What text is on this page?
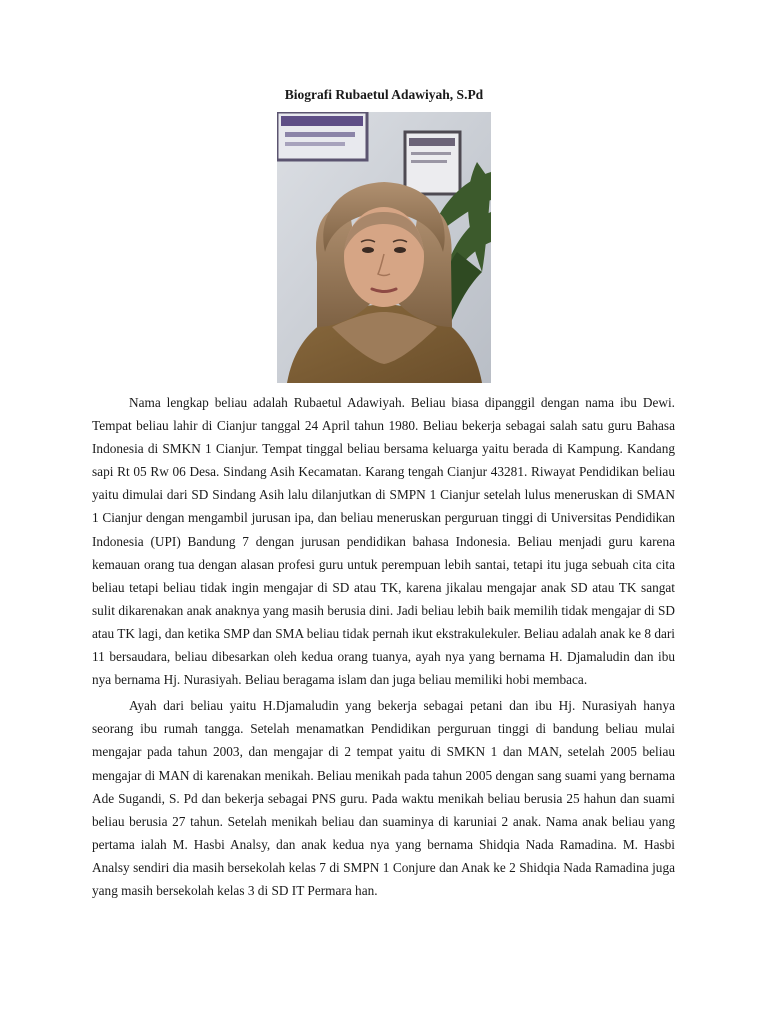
Biografi Rubaetul Adawiyah, S.Pd

Nama lengkap beliau adalah Rubaetul Adawiyah. Beliau biasa dipanggil dengan nama ibu Dewi. Tempat beliau lahir di Cianjur tanggal 24 April tahun 1980. Beliau bekerja sebagai salah satu guru Bahasa Indonesia di SMKN 1 Cianjur. Tempat tinggal beliau bersama keluarga yaitu berada di Kampung. Kandang sapi Rt 05 Rw 06 Desa. Sindang Asih Kecamatan. Karang tengah Cianjur 43281. Riwayat Pendidikan beliau yaitu dimulai dari SD Sindang Asih lalu dilanjutkan di SMPN 1 Cianjur setelah lulus meneruskan di SMAN 1 Cianjur dengan mengambil jurusan ipa, dan beliau meneruskan perguruan tinggi di Universitas Pendidikan Indonesia (UPI) Bandung 7 dengan jurusan pendidikan bahasa Indonesia. Beliau menjadi guru karena kemauan orang tua dengan alasan profesi guru untuk perempuan lebih santai, tetapi itu juga sebuah cita cita beliau tetapi beliau tidak ingin mengajar di SD atau TK, karena jikalau mengajar anak SD atau TK sangat sulit dikarenakan anak anaknya yang masih berusia dini. Jadi beliau lebih baik memilih tidak mengajar di SD atau TK lagi, dan ketika SMP dan SMA beliau tidak pernah ikut ekstrakulekuler. Beliau adalah anak ke 8 dari 11 bersaudara, beliau dibesarkan oleh kedua orang tuanya, ayah nya yang bernama H. Djamaludin dan ibu nya bernama Hj. Nurasiyah. Beliau beragama islam dan juga beliau memiliki hobi membaca.

Ayah dari beliau yaitu H.Djamaludin yang bekerja sebagai petani dan ibu Hj. Nurasiyah hanya seorang ibu rumah tangga. Setelah menamatkan Pendidikan perguruan tinggi di bandung beliau mulai mengajar pada tahun 2003, dan mengajar di 2 tempat yaitu di SMKN 1 dan MAN, setelah 2005 beliau mengajar di MAN di karenakan menikah. Beliau menikah pada tahun 2005 dengan sang suami yang bernama Ade Sugandi, S. Pd dan bekerja sebagai PNS guru. Pada waktu menikah beliau berusia 25 hahun dan suami beliau berusia 27 tahun. Setelah menikah beliau dan suaminya di karuniai 2 anak. Nama anak beliau yang pertama ialah M. Hasbi Analsy, dan anak kedua nya yang bernama Shidqia Nada Ramadina. M. Hasbi Analsy sendiri dia masih bersekolah kelas 7 di SMPN 1 Conjure dan Anak ke 2 Shidqia Nada Ramadina juga yang masih bersekolah kelas 3 di SD IT Permara han.
